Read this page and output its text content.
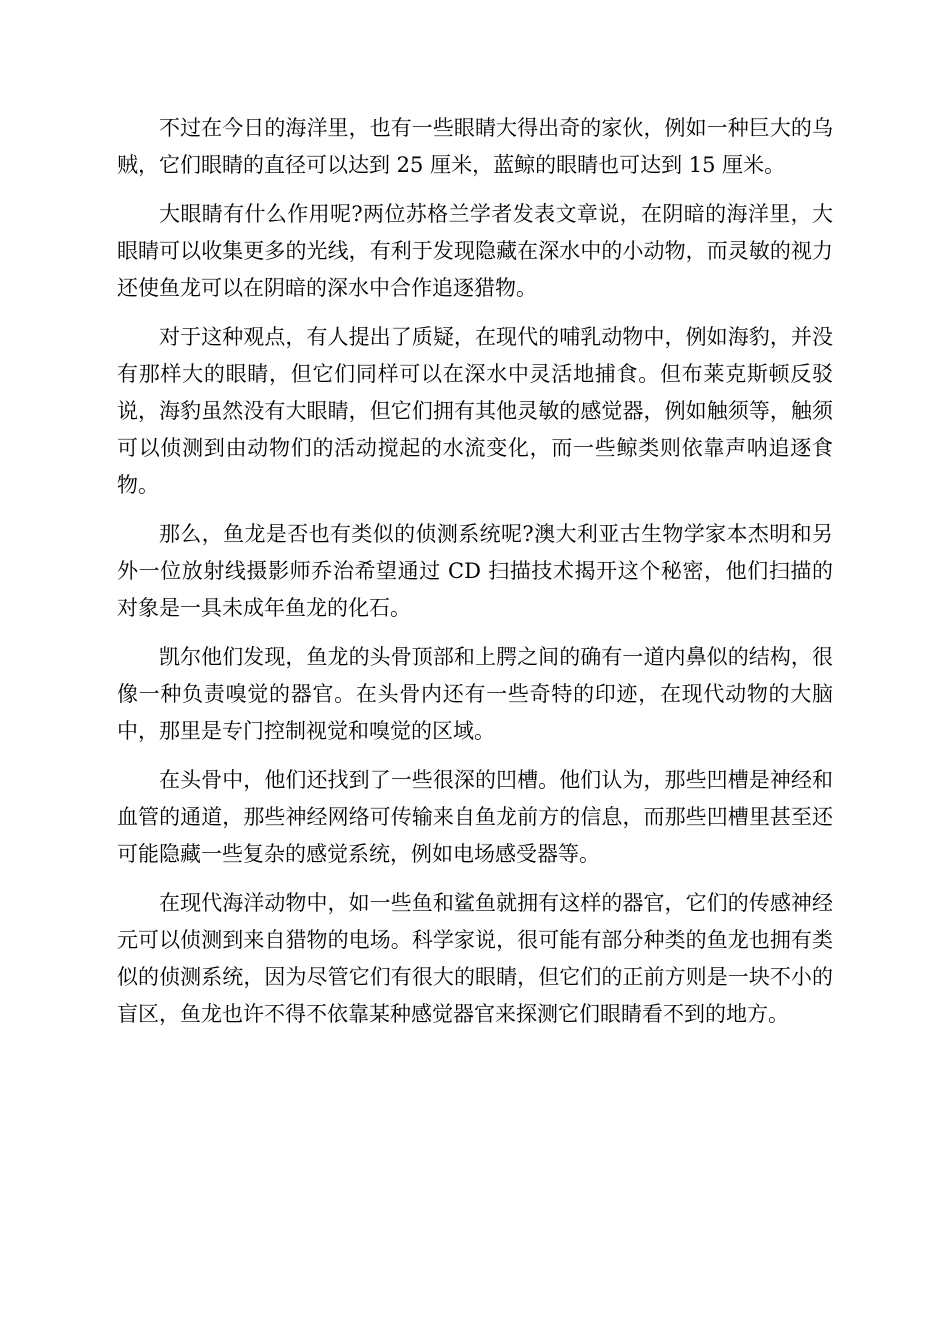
不过在今日的海洋里，也有一些眼睛大得出奇的家伙，例如一种巨大的乌贼，它们眼睛的直径可以达到 25 厘米，蓝鲸的眼睛也可达到 15 厘米。

大眼睛有什么作用呢?两位苏格兰学者发表文章说，在阴暗的海洋里，大眼睛可以收集更多的光线，有利于发现隐藏在深水中的小动物，而灵敏的视力还使鱼龙可以在阴暗的深水中合作追逐猎物。

对于这种观点，有人提出了质疑，在现代的哺乳动物中，例如海豹，并没有那样大的眼睛，但它们同样可以在深水中灵活地捕食。但布莱克斯顿反驳说，海豹虽然没有大眼睛，但它们拥有其他灵敏的感觉器，例如触须等，触须可以侦测到由动物们的活动搅起的水流变化，而一些鲸类则依靠声呐追逐食物。

那么，鱼龙是否也有类似的侦测系统呢?澳大利亚古生物学家本杰明和另外一位放射线摄影师乔治希望通过 CD 扫描技术揭开这个秘密，他们扫描的对象是一具未成年鱼龙的化石。

凯尔他们发现，鱼龙的头骨顶部和上腭之间的确有一道内鼻似的结构，很像一种负责嗅觉的器官。在头骨内还有一些奇特的印迹，在现代动物的大脑中，那里是专门控制视觉和嗅觉的区域。

在头骨中，他们还找到了一些很深的凹槽。他们认为，那些凹槽是神经和血管的通道，那些神经网络可传输来自鱼龙前方的信息，而那些凹槽里甚至还可能隐藏一些复杂的感觉系统，例如电场感受器等。

在现代海洋动物中，如一些鱼和鲨鱼就拥有这样的器官，它们的传感神经元可以侦测到来自猎物的电场。科学家说，很可能有部分种类的鱼龙也拥有类似的侦测系统，因为尽管它们有很大的眼睛，但它们的正前方则是一块不小的盲区，鱼龙也许不得不依靠某种感觉器官来探测它们眼睛看不到的地方。
